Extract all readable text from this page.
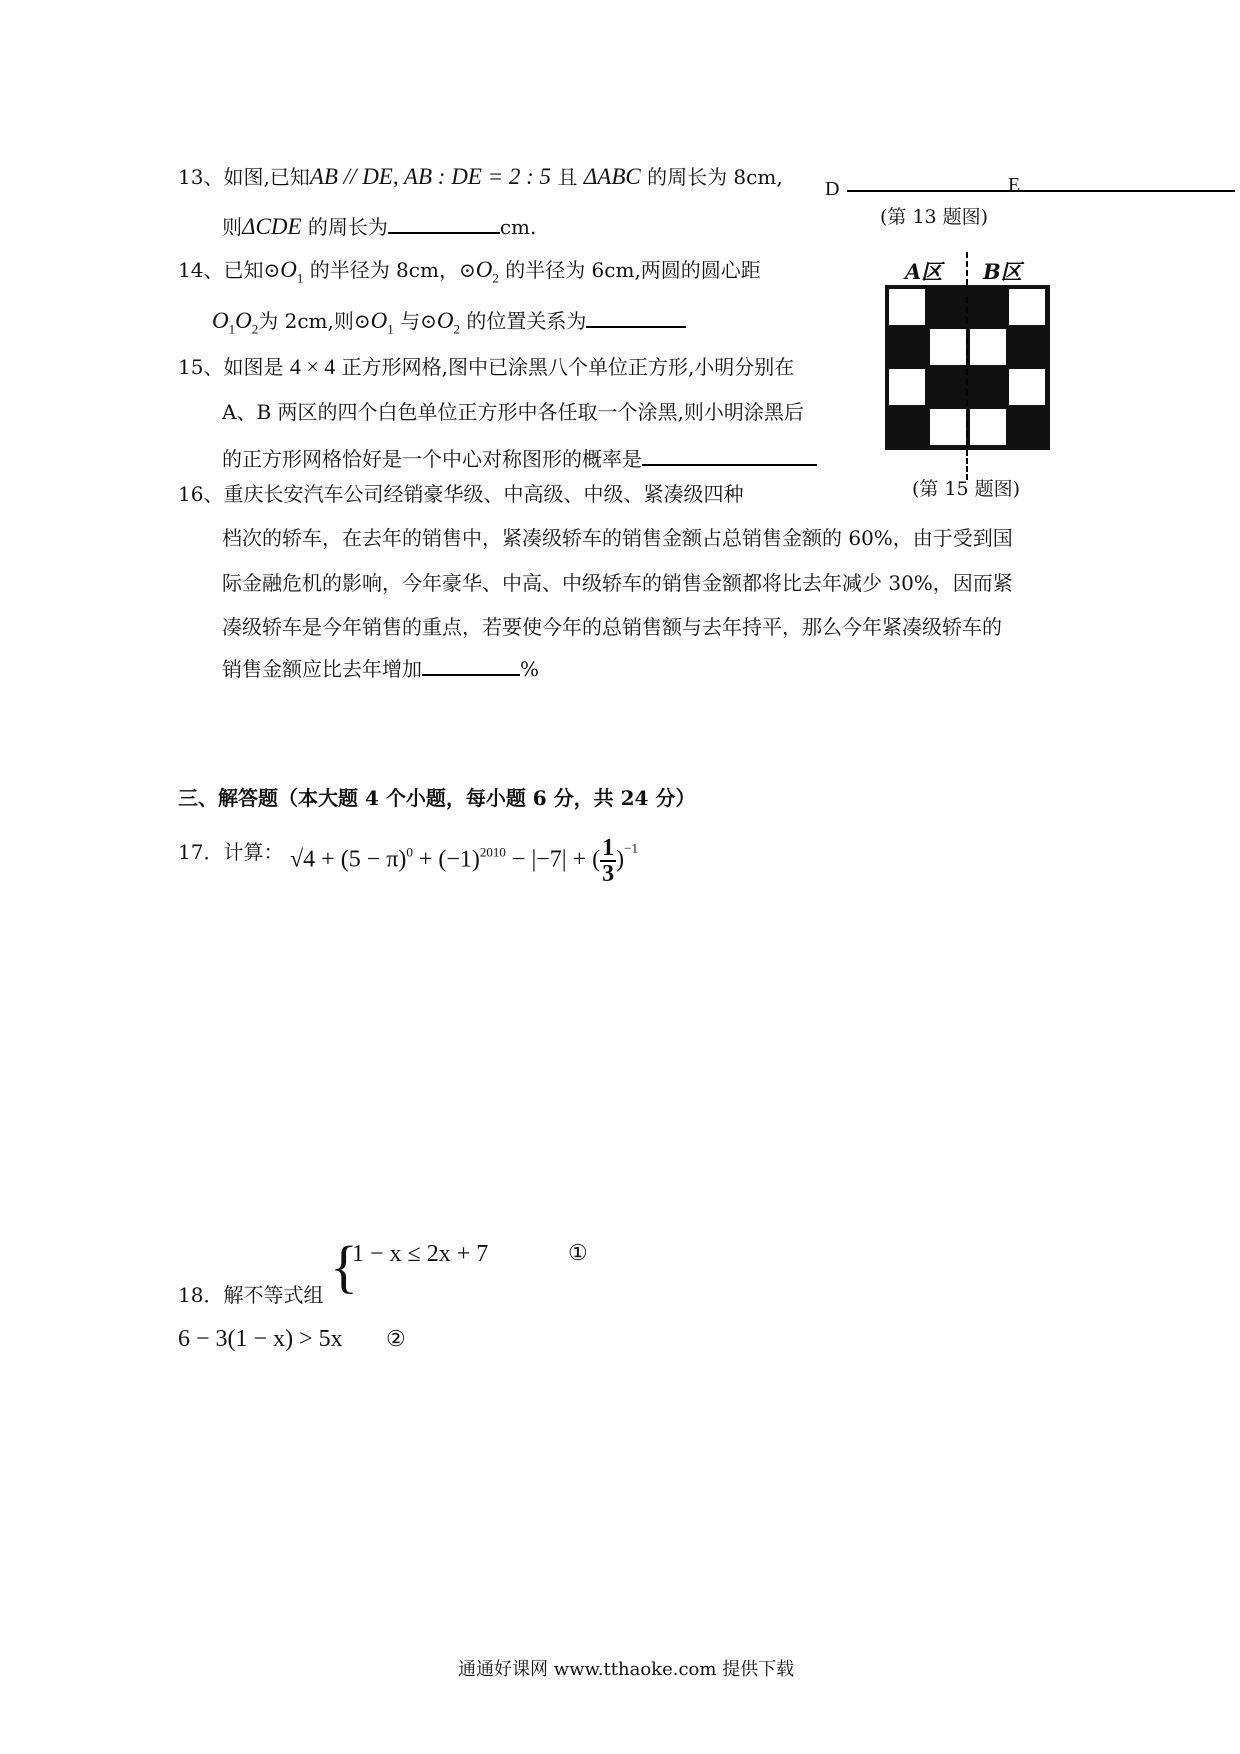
13、如图,已知AB // DE, AB : DE = 2 : 5 且 ΔABC 的周长为 8cm,
则ΔCDE 的周长为	cm.
D	E
(第 13 题图)
14、已知$⊙O_1$ 的半径为 8cm，$⊙O_2$ 的半径为 6cm,两圆的圆心距
$O_1O_2$为 2cm,则$⊙O_1$ 与$⊙O_2$ 的位置关系为
15、如图是 4 × 4 正方形网格,图中已涂黑八个单位正方形,小明分别在
A、B 两区的四个白色单位正方形中各任取一个涂黑,则小明涂黑后
的正方形网格恰好是一个中心对称图形的概率是
A区 B区
(第 15 题图)
16、重庆长安汽车公司经销豪华级、中高级、中级、紧凑级四种
档次的轿车，在去年的销售中，紧凑级轿车的销售金额占总销售金额的 60%，由于受到国
际金融危机的影响，今年豪华、中高、中级轿车的销售金额都将比去年减少 30%，因而紧
凑级轿车是今年销售的重点，若要使今年的总销售额与去年持平，那么今年紧凑级轿车的
销售金额应比去年增加	%
三、解答题（本大题 4 个小题，每小题 6 分，共 24 分）
17．计算： $√4 + (5 - \pi)^0 + (-1)^{2010} - |-7|$ + ( $\frac{1}{3} )^{-1}$
1 − x ≤ 2x + 7	①
{
18．解不等式组
6 − 3(1 − x) > 5x ②
通通好课网 www.tthaoke.com 提供下载
